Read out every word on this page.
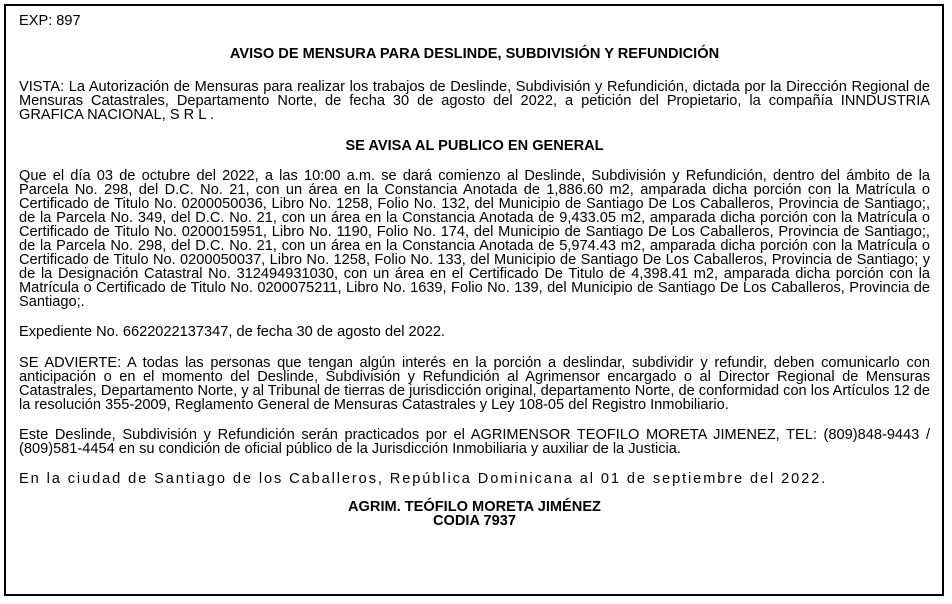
EXP: 897

AVISO DE MENSURA PARA DESLINDE, SUBDIVISIÓN Y REFUNDICIÓN

VISTA: La Autorización de Mensuras para realizar los trabajos de Deslinde, Subdivisión y Refundición, dictada por la Dirección Regional de Mensuras Catastrales, Departamento Norte, de fecha 30 de agosto del 2022, a petición del Propietario, la compañía INNDUSTRIA GRAFICA NACIONAL, S R L .

SE AVISA AL PUBLICO EN GENERAL

Que el día 03 de octubre del 2022, a las 10:00 a.m. se dará comienzo al Deslinde, Subdivisión y Refundición, dentro del ámbito de la Parcela No. 298, del D.C. No. 21, con un área en la Constancia Anotada de 1,886.60 m2, amparada dicha porción con la Matrícula o Certificado de Titulo No. 0200050036, Libro No. 1258, Folio No. 132, del Municipio de Santiago De Los Caballeros, Provincia de Santiago;, de la Parcela No. 349, del D.C. No. 21, con un área en la Constancia Anotada de 9,433.05 m2, amparada dicha porción con la Matrícula o Certificado de Titulo No. 0200015951, Libro No. 1190, Folio No. 174, del Municipio de Santiago De Los Caballeros, Provincia de Santiago;, de la Parcela No. 298, del D.C. No. 21, con un área en la Constancia Anotada de 5,974.43 m2, amparada dicha porción con la Matrícula o Certificado de Titulo No. 0200050037, Libro No. 1258, Folio No. 133, del Municipio de Santiago De Los Caballeros, Provincia de Santiago; y de la Designación Catastral No. 312494931030, con un área en el Certificado De Titulo de 4,398.41 m2, amparada dicha porción con la Matrícula o Certificado de Titulo No. 0200075211, Libro No. 1639, Folio No. 139, del Municipio de Santiago De Los Caballeros, Provincia de Santiago;.

Expediente No. 6622022137347, de fecha 30 de agosto del 2022.

SE ADVIERTE: A todas las personas que tengan algún interés en la porción a deslindar, subdividir y refundir, deben comunicarlo con anticipación o en el momento del Deslinde, Subdivisión y Refundición al Agrimensor encargado o al Director Regional de Mensuras Catastrales, Departamento Norte, y al Tribunal de tierras de jurisdicción original, departamento Norte, de conformidad con los Artículos 12 de la resolución 355-2009, Reglamento General de Mensuras Catastrales y Ley 108-05 del Registro Inmobiliario.

Este Deslinde, Subdivisión y Refundición serán practicados por el AGRIMENSOR TEOFILO MORETA JIMENEZ, TEL: (809)848-9443 / (809)581-4454 en su condición de oficial público de la Jurisdicción Inmobiliaria y auxiliar de la Justicia.

En la ciudad de Santiago de los Caballeros, República Dominicana al 01 de septiembre del 2022.

AGRIM. TEÓFILO MORETA JIMÉNEZ

CODIA 7937
